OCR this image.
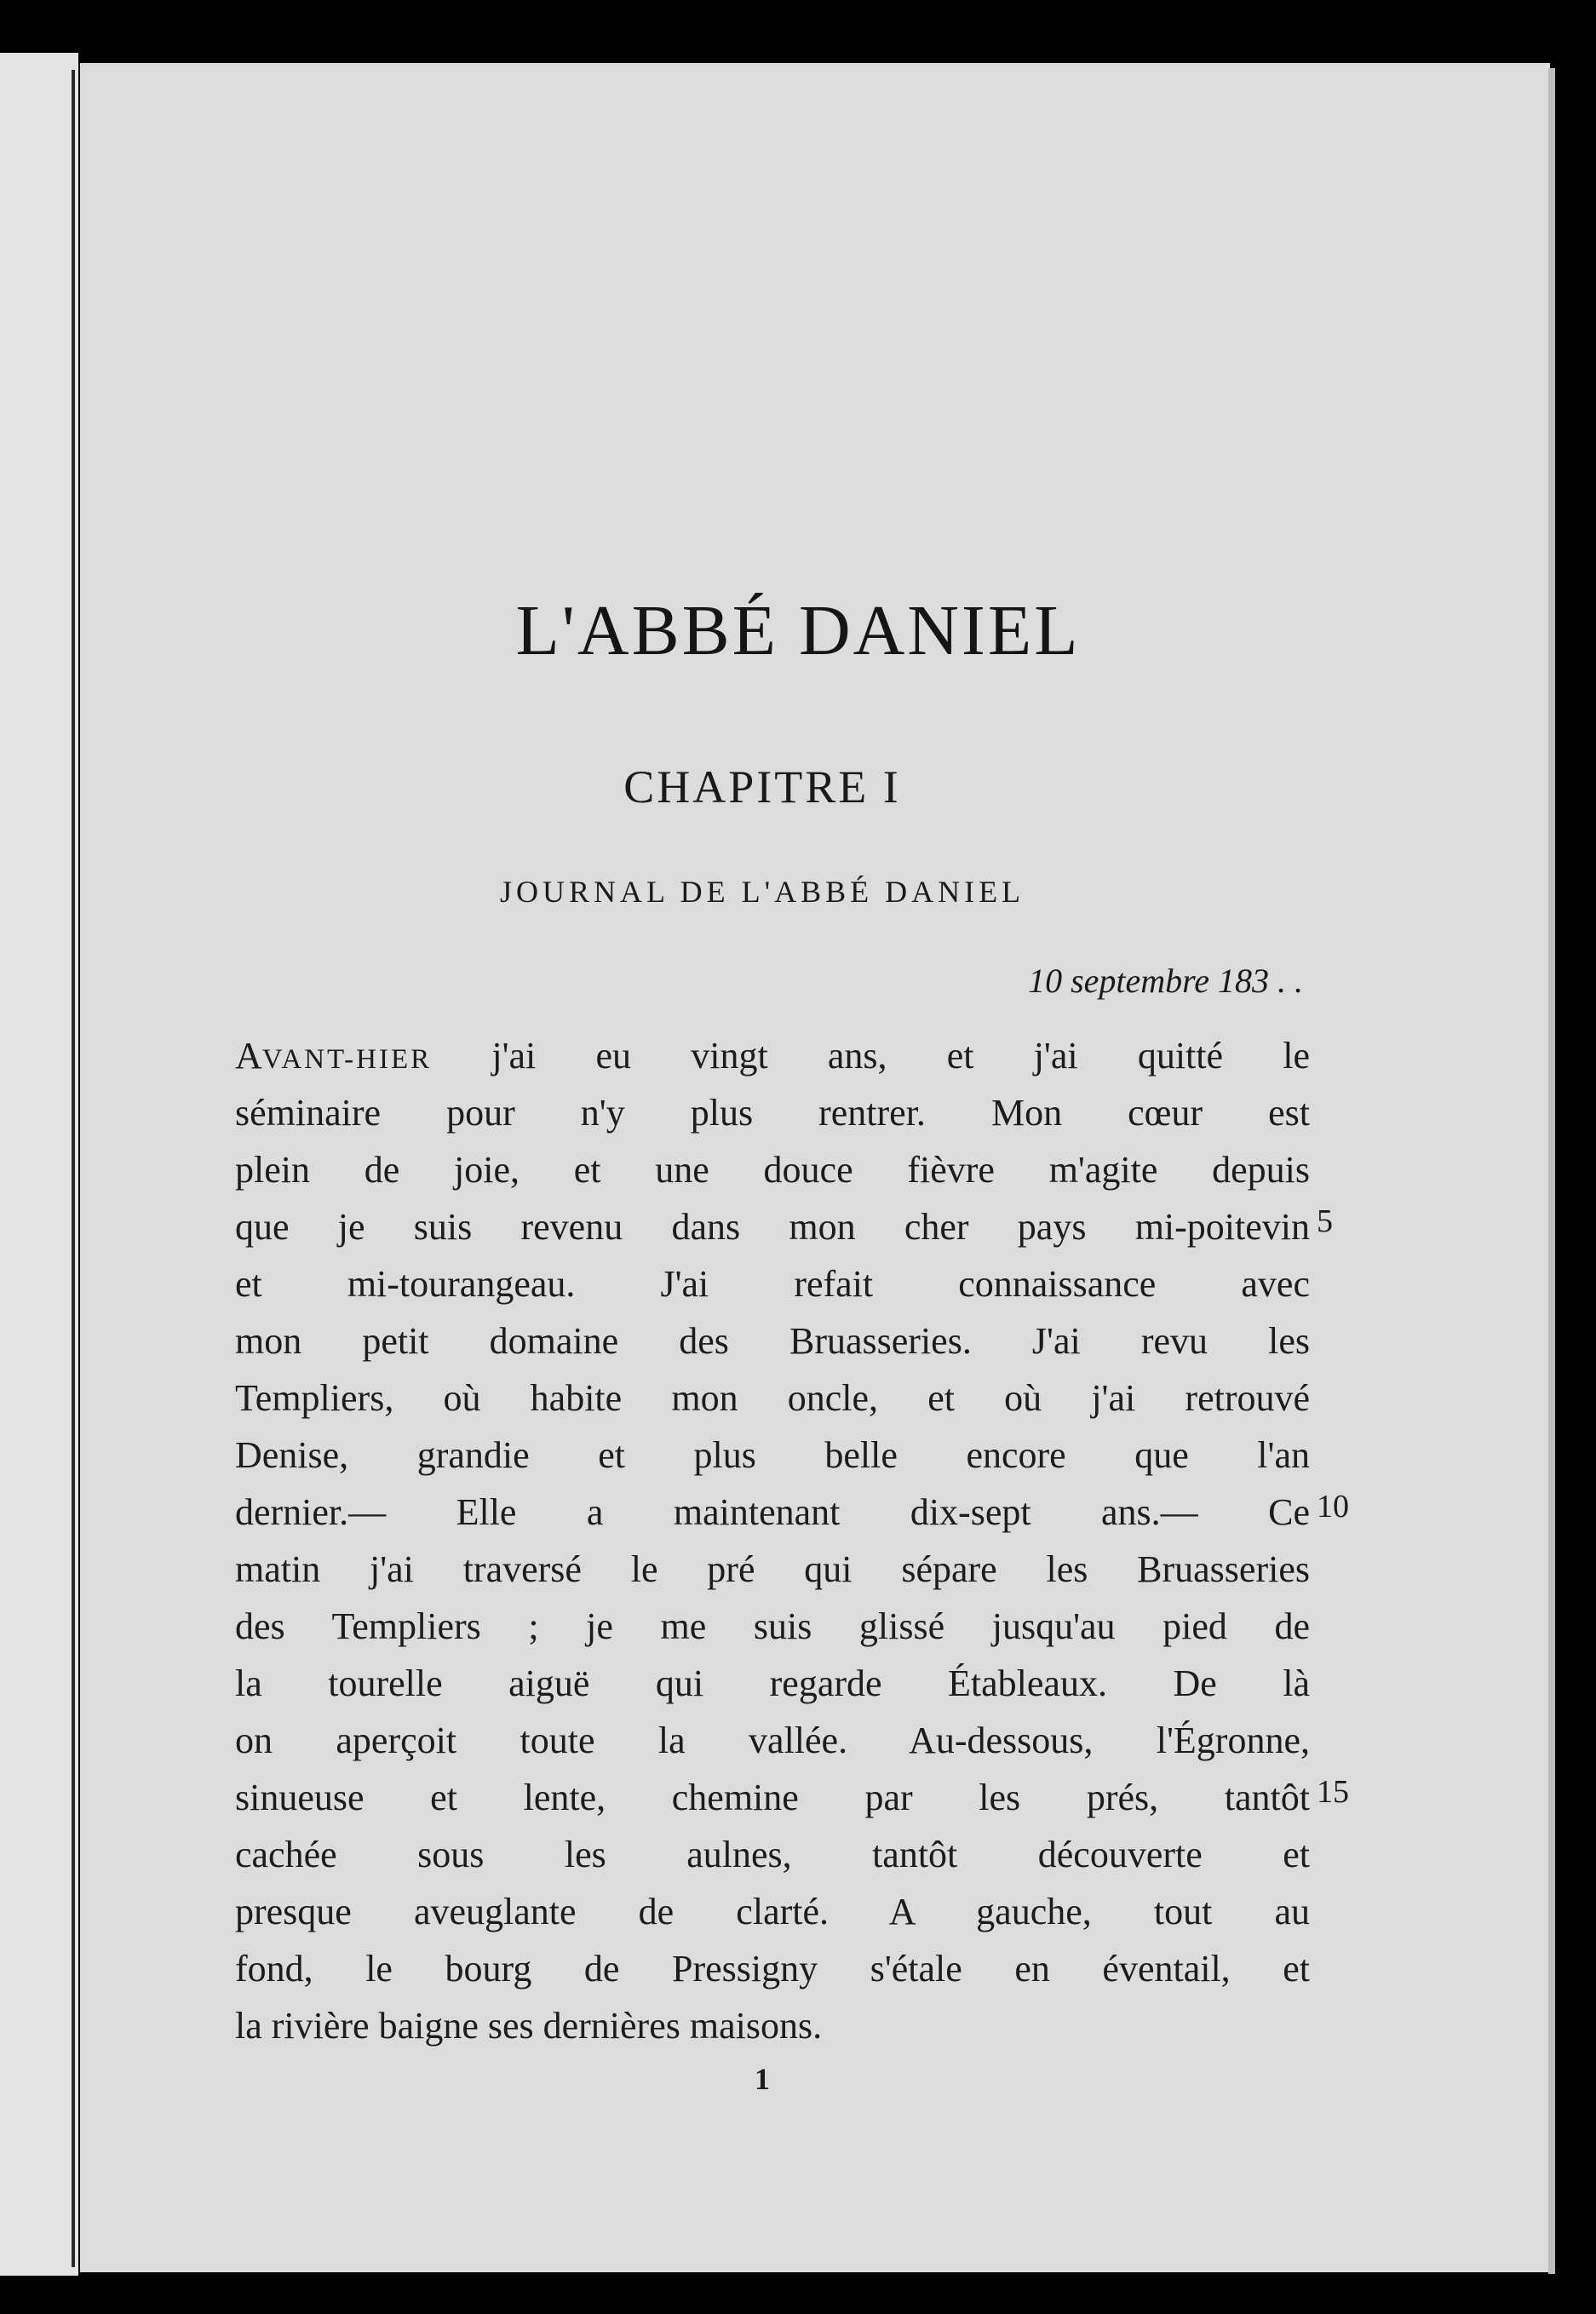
L'ABBÉ DANIEL
CHAPITRE I
JOURNAL DE L'ABBÉ DANIEL
10 septembre 183 . .
AVANT-HIER j'ai eu vingt ans, et j'ai quitté le
séminaire pour n'y plus rentrer. Mon cœur est
plein de joie, et une douce fièvre m'agite depuis
que je suis revenu dans mon cher pays mi-poitevin
et mi-tourangeau. J'ai refait connaissance avec
mon petit domaine des Bruasseries. J'ai revu les
Templiers, où habite mon oncle, et où j'ai retrouvé
Denise, grandie et plus belle encore que l'an
dernier.— Elle a maintenant dix-sept ans.— Ce
matin j'ai traversé le pré qui sépare les Bruasseries
des Templiers ; je me suis glissé jusqu'au pied de
la tourelle aiguë qui regarde Étableaux. De là
on aperçoit toute la vallée. Au-dessous, l'Égronne,
sinueuse et lente, chemine par les prés, tantôt
cachée sous les aulnes, tantôt découverte et
presque aveuglante de clarté. A gauche, tout au
fond, le bourg de Pressigny s'étale en éventail, et
la rivière baigne ses dernières maisons.
5
10
15
1
